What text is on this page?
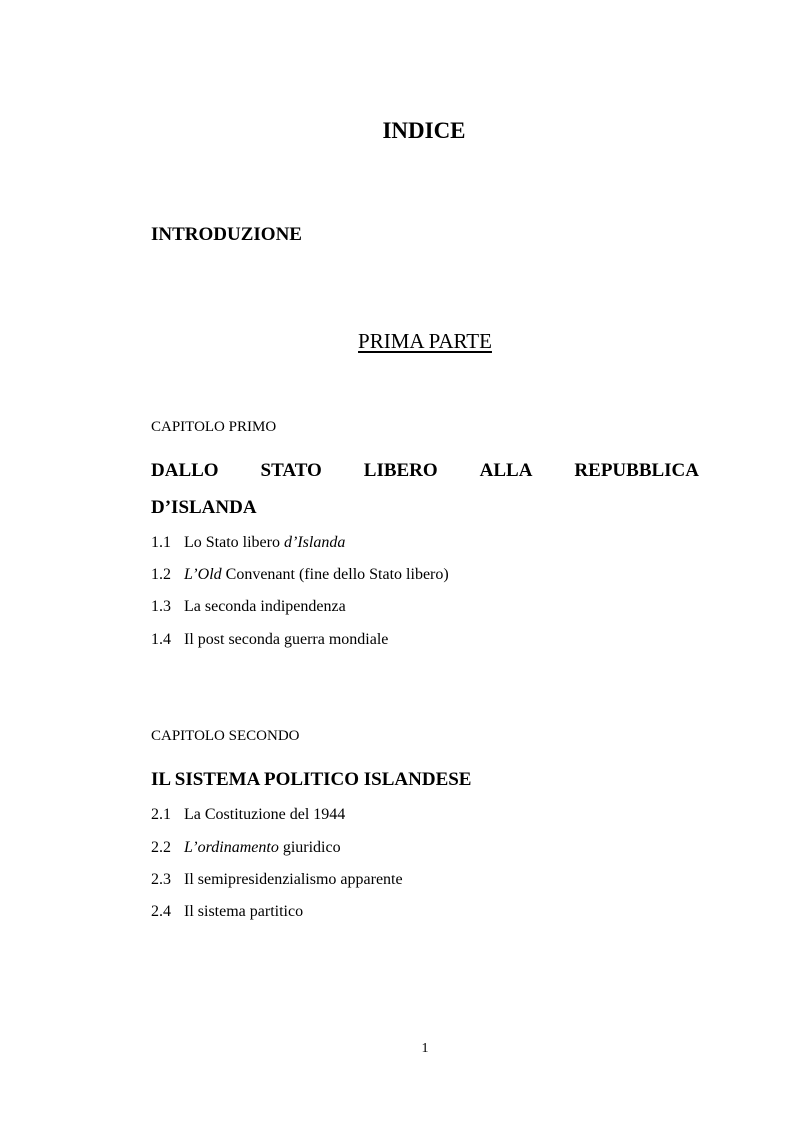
INDICE
INTRODUZIONE
PRIMA PARTE
CAPITOLO PRIMO
DALLO STATO LIBERO ALLA REPUBBLICA
D’ISLANDA
1.1 Lo Stato libero d’Islanda
1.2 L’Old Convenant (fine dello Stato libero)
1.3 La seconda indipendenza
1.4 Il post seconda guerra mondiale
CAPITOLO SECONDO
IL SISTEMA POLITICO ISLANDESE
2.1 La Costituzione del 1944
2.2 L’ordinamento giuridico
2.3 Il semipresidenzialismo apparente
2.4 Il sistema partitico
1
